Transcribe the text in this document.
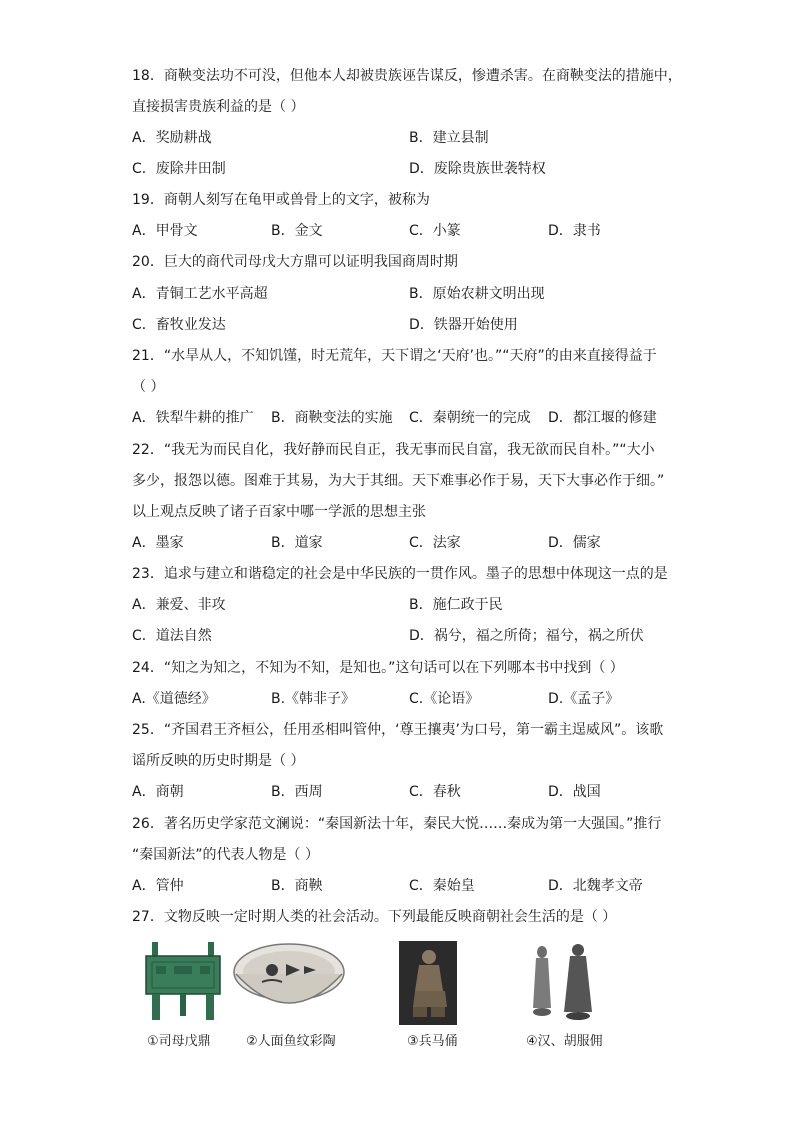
18．商鞅变法功不可没，但他本人却被贵族诬告谋反，惨遭杀害。在商鞅变法的措施中，
直接损害贵族利益的是（ ）
A．奖励耕战	B．建立县制
C．废除井田制	D．废除贵族世袭特权
19．商朝人刻写在龟甲或兽骨上的文字，被称为
A．甲骨文	B．金文	C．小篆	D．隶书
20．巨大的商代司母戊大方鼎可以证明我国商周时期
A．青铜工艺水平高超	B．原始农耕文明出现
C．畜牧业发达	D．铁器开始使用
21．“水旱从人，不知饥馑，时无荒年，天下谓之‘天府’也。”“天府”的由来直接得益于
（ ）
A．铁犁牛耕的推广 B．商鞅变法的实施 C．秦朝统一的完成 D．都江堰的修建
22．“我无为而民自化，我好静而民自正，我无事而民自富，我无欲而民自朴。”“大小
多少，报怨以德。图难于其易，为大于其细。天下难事必作于易，天下大事必作于细。”
以上观点反映了诸子百家中哪一学派的思想主张
A．墨家	B．道家	C．法家	D．儒家
23．追求与建立和谐稳定的社会是中华民族的一贯作风。墨子的思想中体现这一点的是
A．兼爱、非攻	B．施仁政于民
C．道法自然	D．祸兮，福之所倚；福兮，祸之所伏
24．“知之为知之，不知为不知，是知也。”这句话可以在下列哪本书中找到（ ）
A.《道德经》	B.《韩非子》	C.《论语》	D.《孟子》
25．“齐国君王齐桓公，任用丞相叫管仲，‘尊王攘夷’为口号，第一霸主逞威风”。该歌
谣所反映的历史时期是（ ）
A．商朝	B．西周	C．春秋	D．战国
26．著名历史学家范文澜说：“秦国新法十年，秦民大悦……秦成为第一大强国。”推行
“秦国新法”的代表人物是（ ）
A．管仲	B．商鞅	C．秦始皇	D．北魏孝文帝
27．文物反映一定时期人类的社会活动。下列最能反映商朝社会生活的是（ ）
①司母戊鼎	②人面鱼纹彩陶	③兵马俑	④汉、胡服佣
